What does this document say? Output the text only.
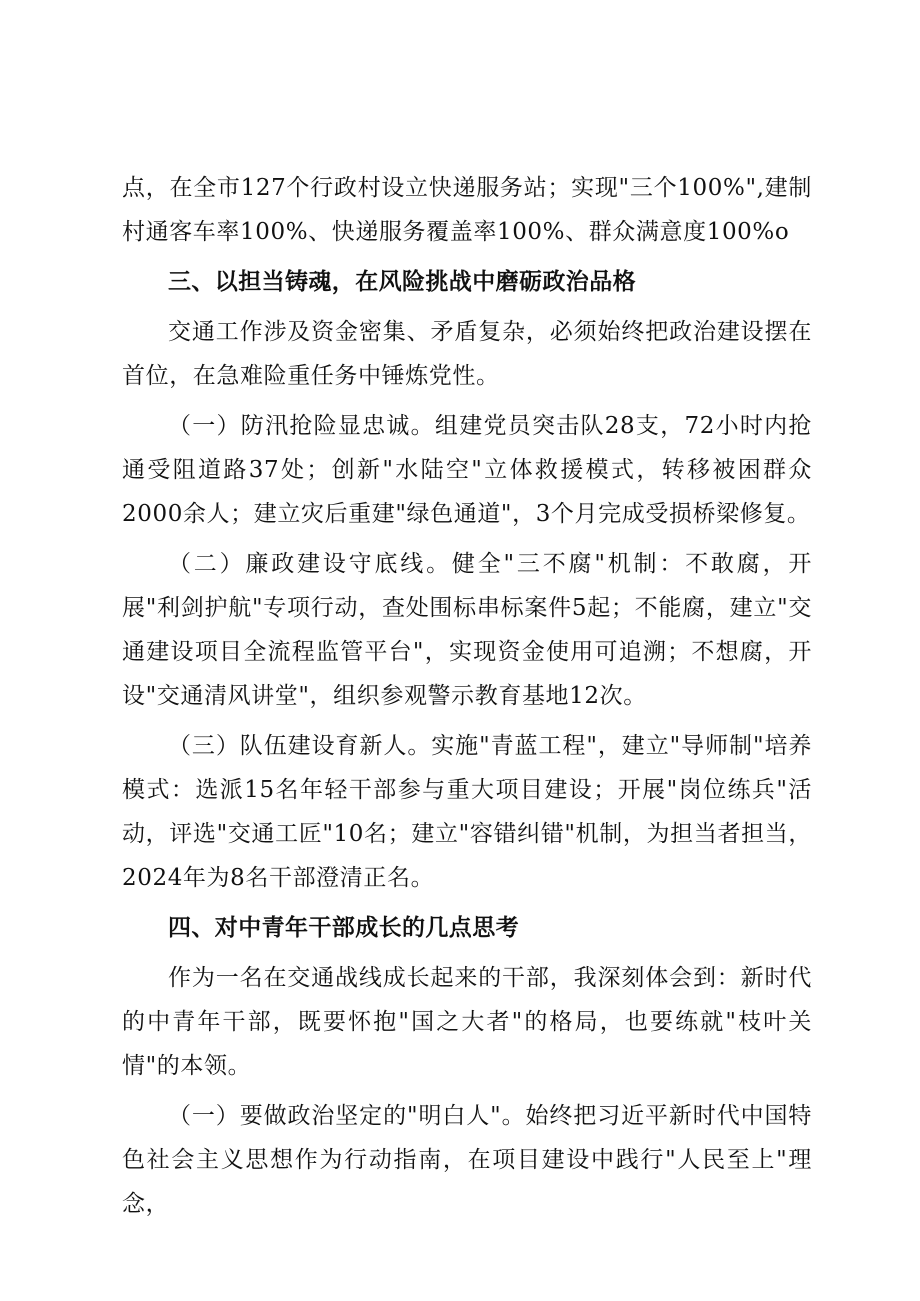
点，在全市127个行政村设立快递服务站；实现"三个100%",建制村通客车率100%、快递服务覆盖率100%、群众满意度100%o

三、以担当铸魂，在风险挑战中磨砺政治品格

交通工作涉及资金密集、矛盾复杂，必须始终把政治建设摆在首位，在急难险重任务中锤炼党性。

（一）防汛抢险显忠诚。组建党员突击队28支，72小时内抢通受阻道路37处；创新"水陆空"立体救援模式，转移被困群众2000余人；建立灾后重建"绿色通道"，3个月完成受损桥梁修复。

（二）廉政建设守底线。健全"三不腐"机制：不敢腐，开展"利剑护航"专项行动，查处围标串标案件5起；不能腐，建立"交通建设项目全流程监管平台"，实现资金使用可追溯；不想腐，开设"交通清风讲堂"，组织参观警示教育基地12次。

（三）队伍建设育新人。实施"青蓝工程"，建立"导师制"培养模式：选派15名年轻干部参与重大项目建设；开展"岗位练兵"活动，评选"交通工匠"10名；建立"容错纠错"机制，为担当者担当，2024年为8名干部澄清正名。

四、对中青年干部成长的几点思考

作为一名在交通战线成长起来的干部，我深刻体会到：新时代的中青年干部，既要怀抱"国之大者"的格局，也要练就"枝叶关情"的本领。

（一）要做政治坚定的"明白人"。始终把习近平新时代中国特色社会主义思想作为行动指南，在项目建设中践行"人民至上"理念，
